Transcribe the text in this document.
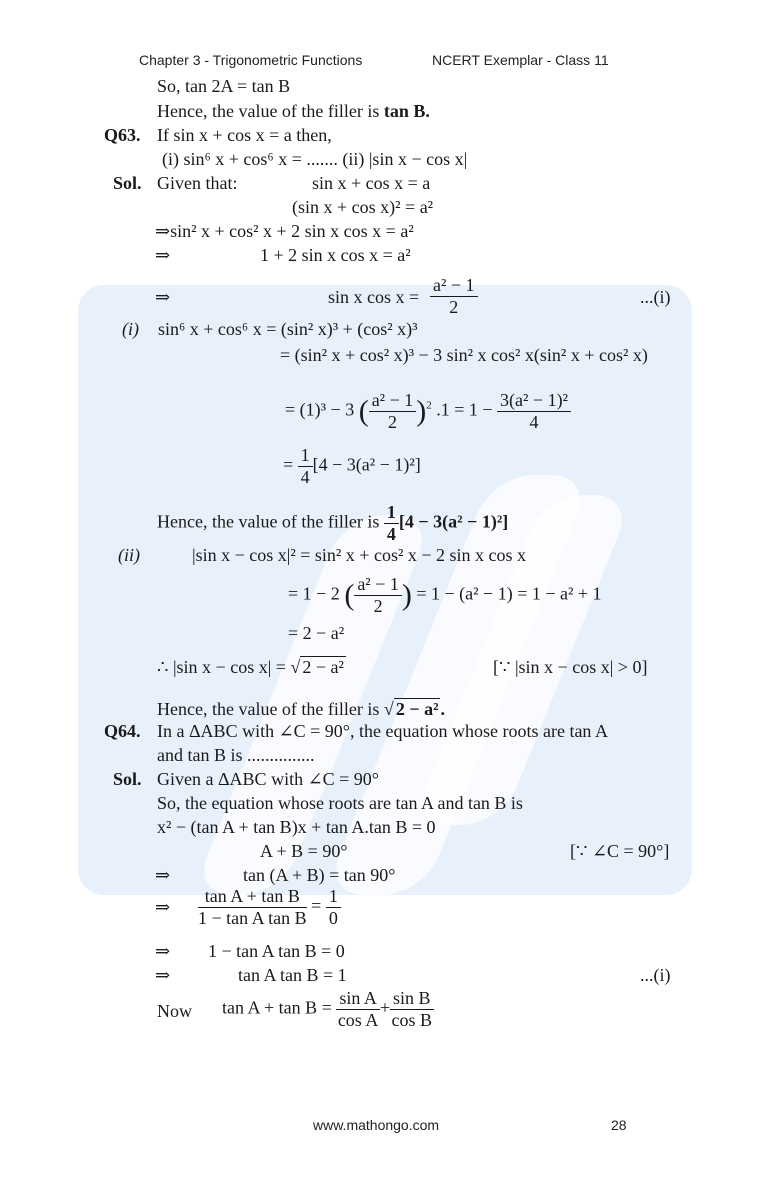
Chapter 3 - Trigonometric Functions	NCERT Exemplar - Class 11
So, tan 2A = tan B
Hence, the value of the filler is tan B.
Q63. If sin x + cos x = a then,
(i) sin⁶ x + cos⁶ x = ....... (ii) |sin x − cos x|
Sol. Given that:	sin x + cos x = a
(sin x + cos x)² = a²
⇒sin² x + cos² x + 2 sin x cos x = a²
⇒	1 + 2 sin x cos x = a²
⇒	sin x $\cos x = \frac{\text{a² − 1}}{2}$	...(i)
(i) sin⁶ x + cos⁶ x = (sin² x)³ + (cos² x)³
= (sin² x + cos² x)³ − 3 sin² x cos² x(sin² x + cos² x)
= (1)³ − 3 ( $\frac{\text{a² − 1}}{2} )^2$ $.1 = 1 - \frac{\text{3(a² − 1)²}}{4}$
= $\frac{1}{4} [4 - 3(a^2 - 1)^2]$
Hence, the value of the filler is $\frac{1}{4} [4 - 3(a^2 - 1)^2]$
(ii)	|sin x − cos x|² = sin² x + cos² x − 2 sin x cos x
= 1 − 2 ( $\frac{\text{a² − 1}}{2}$ ) = 1 − (a² − 1) = 1 − a² + 1
= 2 − a²
∴ |sin x − cos x| = √ 2 − a²	[∵ |sin x − cos x| > 0]
Hence, the value of the filler is √ 2 − a² .
Q64. In a ΔABC with ∠C = 90°, the equation whose roots are tan A
and tan B is ...............
Sol. Given a ΔABC with ∠C = 90°
So, the equation whose roots are tan A and tan B is
x² − (tan A + tan B)x + tan A.tan B = 0
A + B = 90°	[∵ ∠C = 90°]
⇒	tan (A + B) = tan 90°
⇒ $\frac{\text{tan A + tan B}}{\text{1 − tan A tan B}} = \frac{1}{0}$
⇒ 1 − tan A tan B = 0
⇒	tan A tan B = 1	...(i)
Now $\tan A + \tan B = \frac{\text{sin A}}{\text{cos A}} + \frac{\text{sin B}}{\text{cos B}}$
www.mathongo.com	28
